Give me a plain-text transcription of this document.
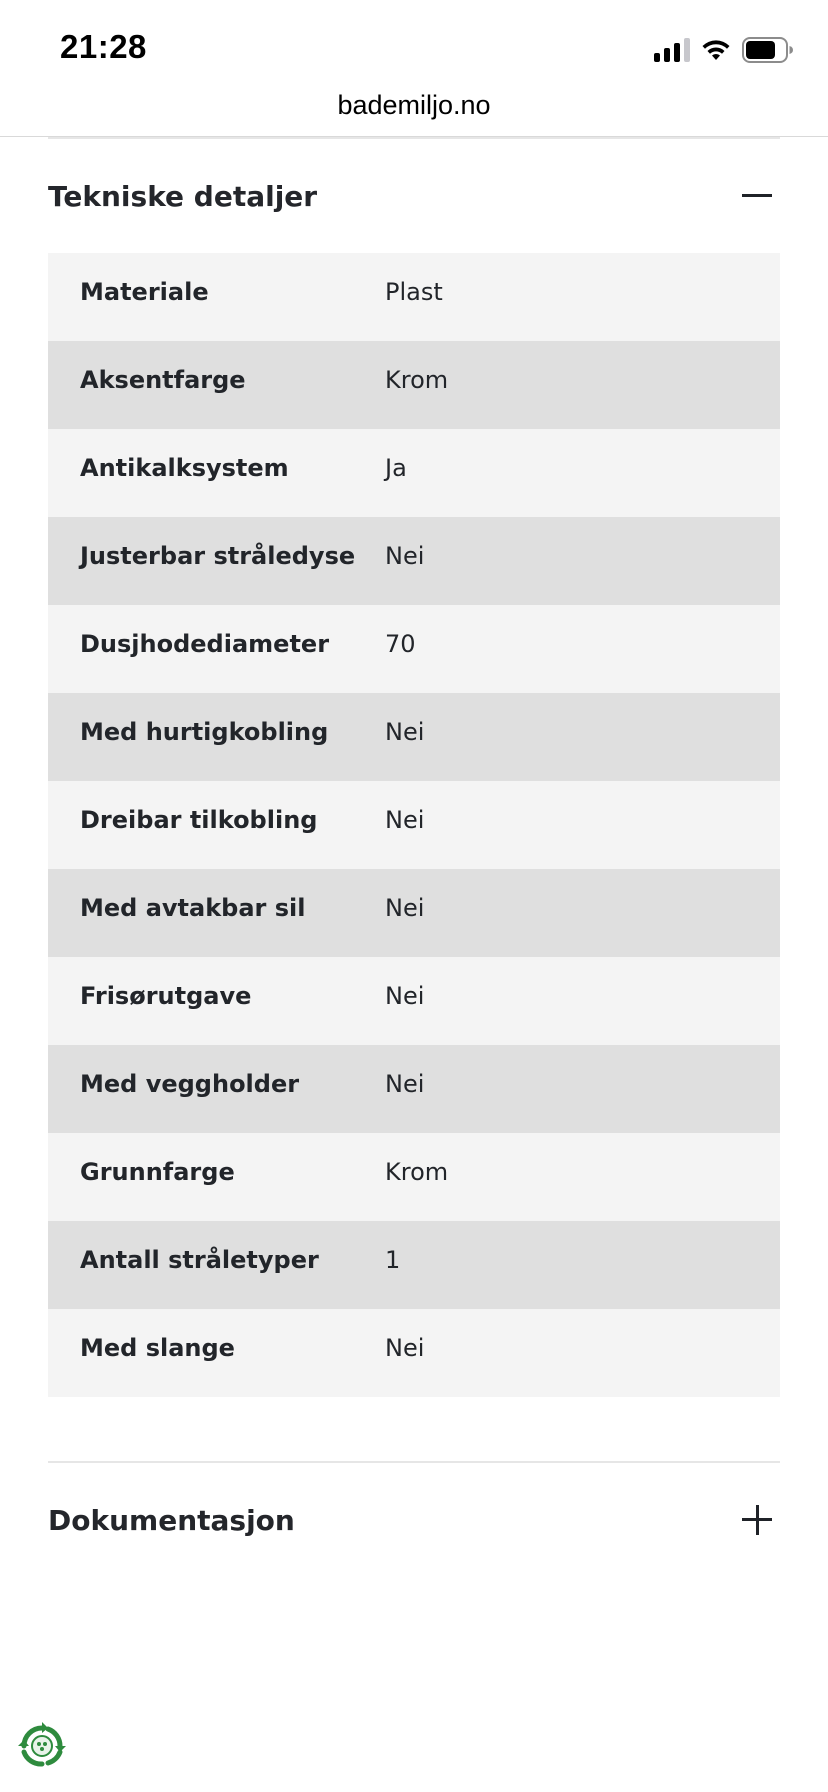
21:28
bademiljo.no
Tekniske detaljer
Materiale	Plast
Aksentfarge	Krom
Antikalksystem	Ja
Justerbar stråledyse	Nei
Dusjhodediameter	70
Med hurtigkobling	Nei
Dreibar tilkobling	Nei
Med avtakbar sil	Nei
Frisørutgave	Nei
Med veggholder	Nei
Grunnfarge	Krom
Antall stråletyper	1
Med slange	Nei
Dokumentasjon
